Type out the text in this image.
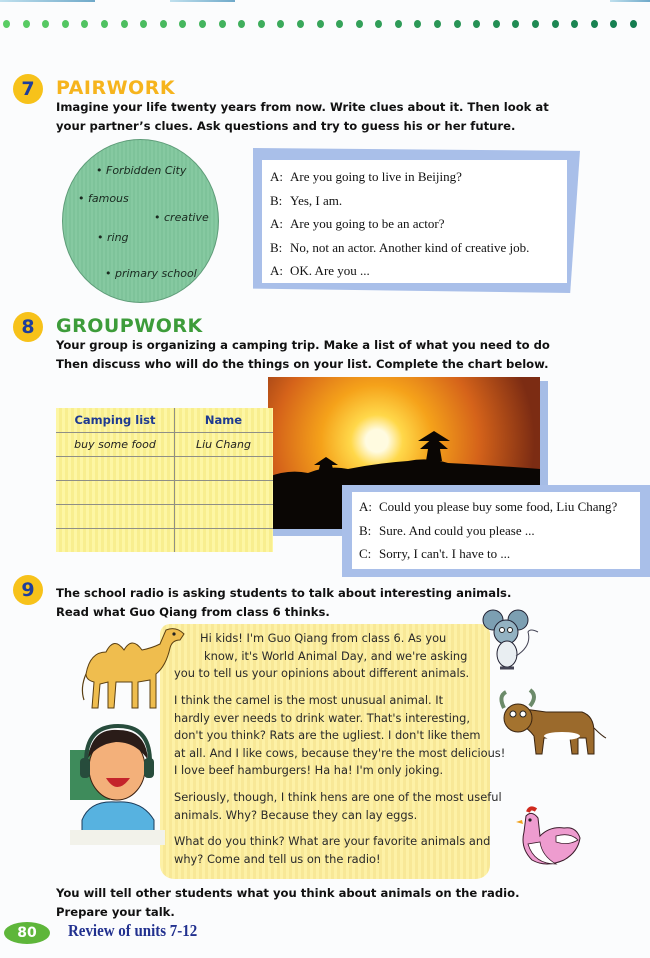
7 PAIRWORK
Imagine your life twenty years from now. Write clues about it. Then look at
your partner’s clues. Ask questions and try to guess his or her future.
• Forbidden City
• famous
• creative
• ring
• primary school
A: Are you going to live in Beijing?
B: Yes, I am.
A: Are you going to be an actor?
B: No, not an actor. Another kind of creative job.
A: OK. Are you ...
8 GROUPWORK
Your group is organizing a camping trip. Make a list of what you need to do
Then discuss who will do the things on your list. Complete the chart below.
Camping list	Name
buy some food	Liu Chang
A: Could you please buy some food, Liu Chang?
B: Sure. And could you please ...
C: Sorry, I can't. I have to ...
9 The school radio is asking students to talk about interesting animals.
Read what Guo Qiang from class 6 thinks.
Hi kids! I'm Guo Qiang from class 6. As you
know, it's World Animal Day, and we're asking
you to tell us your opinions about different animals.
I think the camel is the most unusual animal. It
hardly ever needs to drink water. That's interesting,
don't you think? Rats are the ugliest. I don't like them
at all. And I like cows, because they're the most delicious!
I love beef hamburgers! Ha ha! I'm only joking.
Seriously, though, I think hens are one of the most useful
animals. Why? Because they can lay eggs.
What do you think? What are your favorite animals and
why? Come and tell us on the radio!
You will tell other students what you think about animals on the radio.
Prepare your talk.
80	Review of units 7-12
